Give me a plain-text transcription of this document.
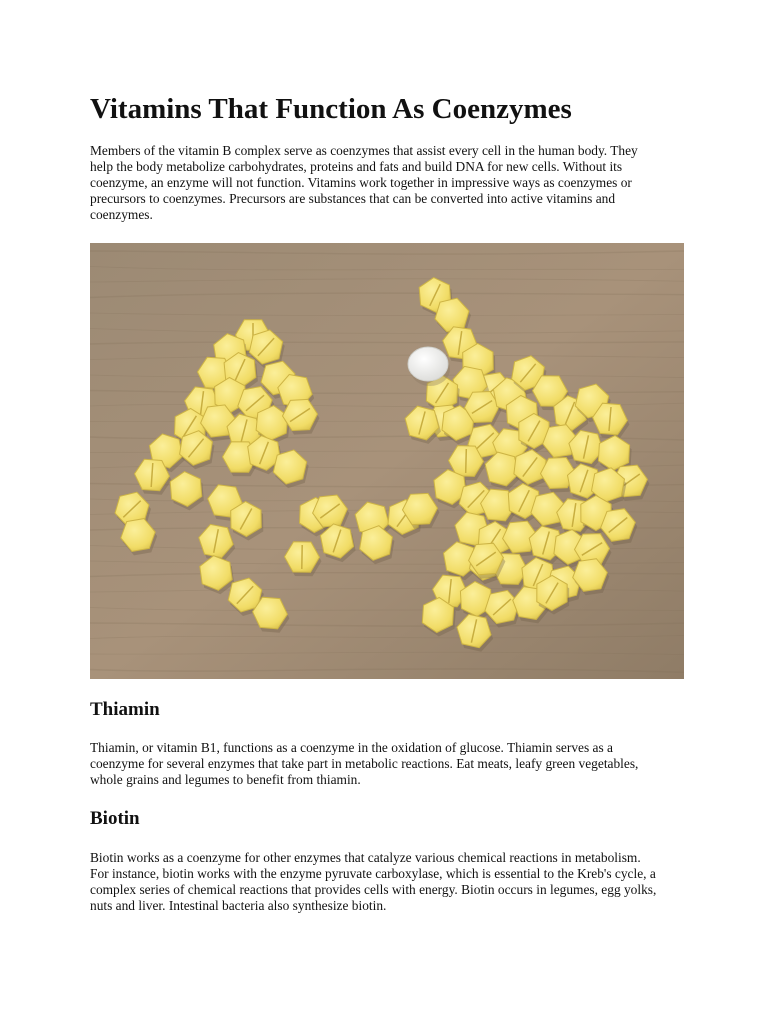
Vitamins That Function As Coenzymes

Members of the vitamin B complex serve as coenzymes that assist every cell in the human body. They
help the body metabolize carbohydrates, proteins and fats and build DNA for new cells. Without its
coenzyme, an enzyme will not function. Vitamins work together in impressive ways as coenzymes or
precursors to coenzymes. Precursors are substances that can be converted into active vitamins and
coenzymes.

Thiamin

Thiamin, or vitamin B1, functions as a coenzyme in the oxidation of glucose. Thiamin serves as a
coenzyme for several enzymes that take part in metabolic reactions. Eat meats, leafy green vegetables,
whole grains and legumes to benefit from thiamin.

Biotin

Biotin works as a coenzyme for other enzymes that catalyze various chemical reactions in metabolism.
For instance, biotin works with the enzyme pyruvate carboxylase, which is essential to the Kreb's cycle, a
complex series of chemical reactions that provides cells with energy. Biotin occurs in legumes, egg yolks,
nuts and liver. Intestinal bacteria also synthesize biotin.
